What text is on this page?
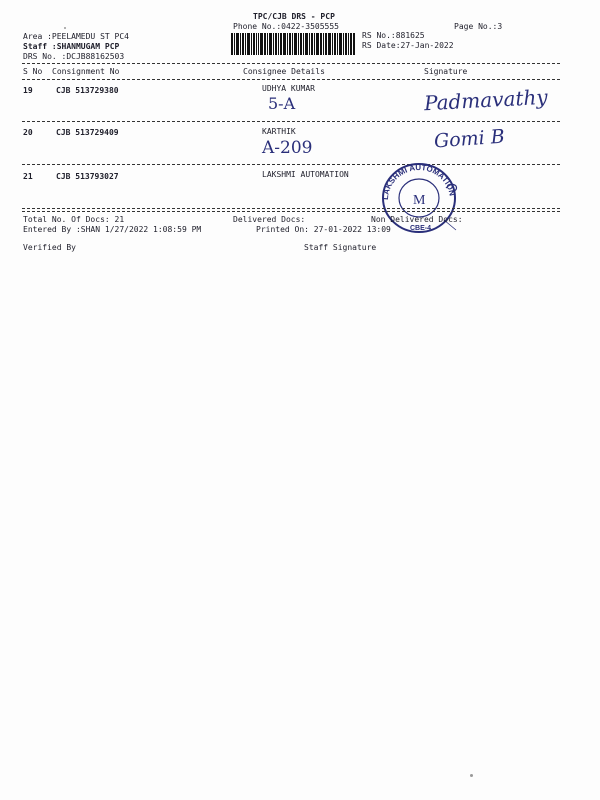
TPC/CJB DRS - PCP
Phone No.:0422-3505555	Page No.:3
Area :PEELAMEDU ST PC4
Staff :SHANMUGAM PCP
DRS No. :DCJB88162503
RS No.:881625
RS Date:27-Jan-2022
S No Consignment No	Consignee Details	Signature
19	CJB 513729380	UDHYA KUMAR
5-A	Padmavathy
20	CJB 513729409	KARTHIK
A-209	Gomi B
21	CJB 513793027	LAKSHMI AUTOMATION
LAKSHMI AUTOMATION
M
CBE-4
Total No. Of Docs: 21	Delivered Docs:	Non Delivered Docs:
Entered By :SHAN 1/27/2022 1:08:59 PM	Printed On: 27-01-2022 13:09
Verified By	Staff Signature
